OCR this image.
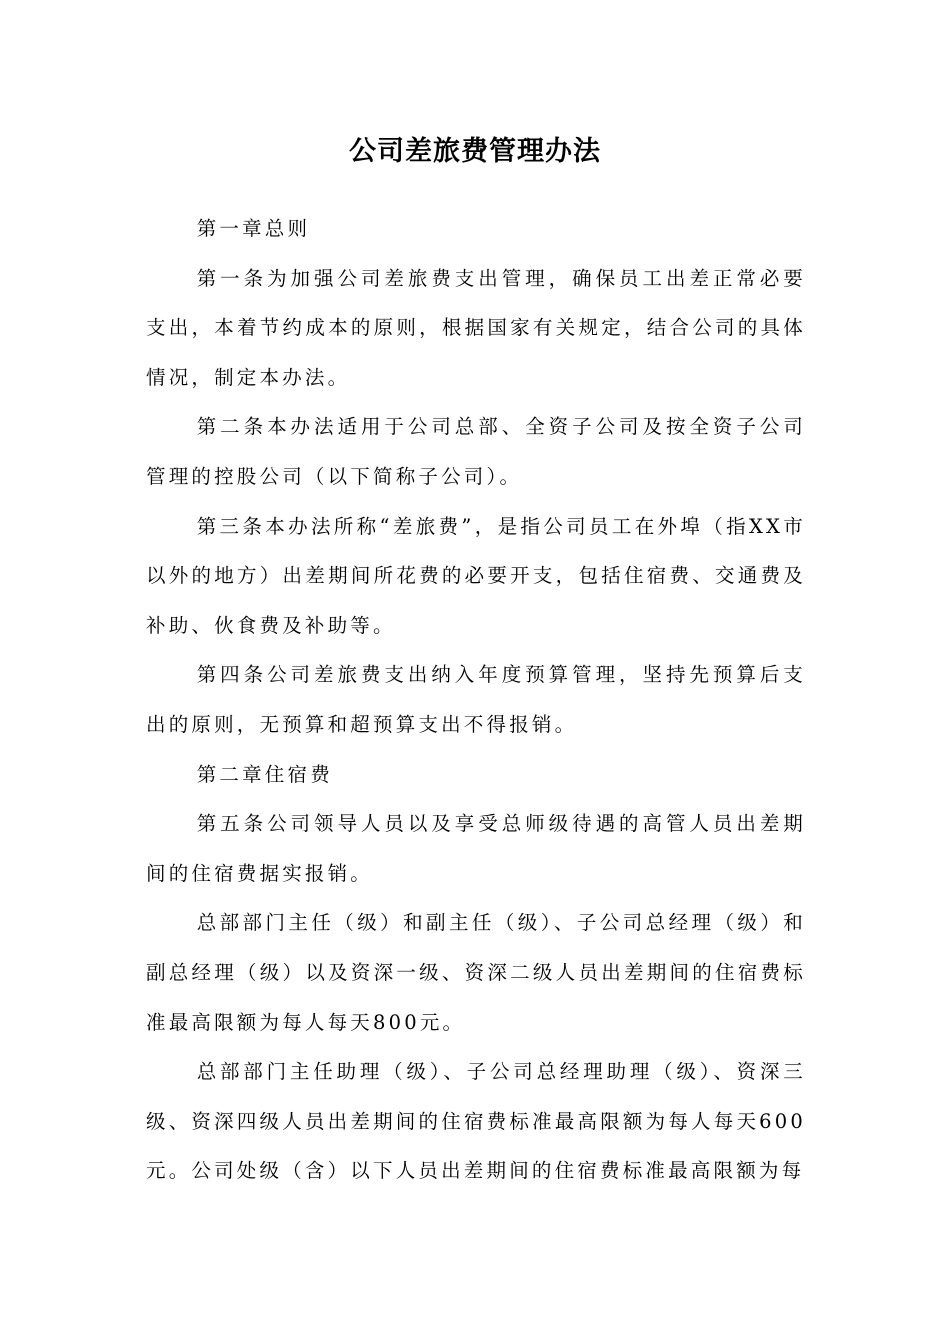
公司差旅费管理办法

第一章总则

第一条为加强公司差旅费支出管理，确保员工出差正常必要支出，本着节约成本的原则，根据国家有关规定，结合公司的具体情况，制定本办法。

第二条本办法适用于公司总部、全资子公司及按全资子公司管理的控股公司（以下简称子公司）。

第三条本办法所称“差旅费”，是指公司员工在外埠（指XX市以外的地方）出差期间所花费的必要开支，包括住宿费、交通费及补助、伙食费及补助等。

第四条公司差旅费支出纳入年度预算管理，坚持先预算后支出的原则，无预算和超预算支出不得报销。

第二章住宿费

第五条公司领导人员以及享受总师级待遇的高管人员出差期间的住宿费据实报销。

总部部门主任（级）和副主任（级）、子公司总经理（级）和副总经理（级）以及资深一级、资深二级人员出差期间的住宿费标准最高限额为每人每天800元。

总部部门主任助理（级）、子公司总经理助理（级）、资深三级、资深四级人员出差期间的住宿费标准最高限额为每人每天600元。公司处级（含）以下人员出差期间的住宿费标准最高限额为每
